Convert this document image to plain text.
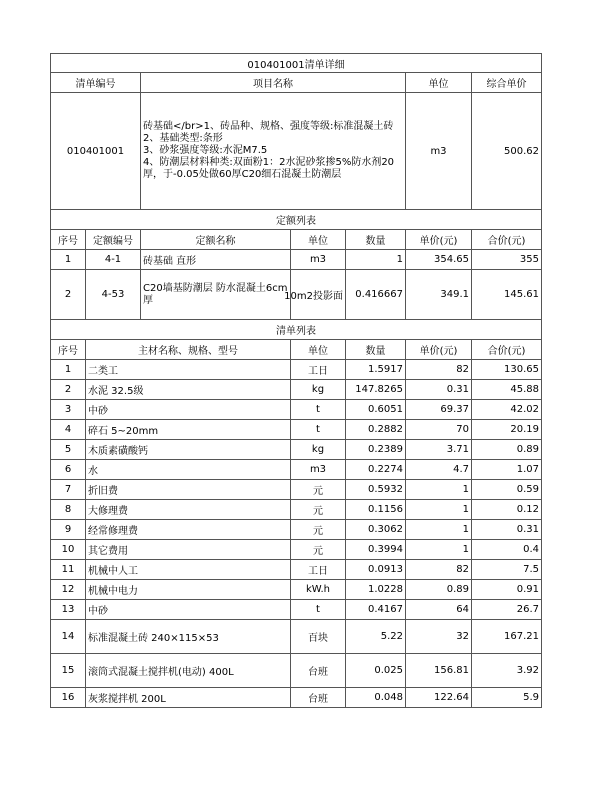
010401001清单详细						
清单编号		项目名称			单位	综合单价
010401001		砖基础</br>1、砖品种、规格、强度等级:标准混凝土砖
2、基础类型:条形
3、砂浆强度等级:水泥M7.5
4、防潮层材料种类:双面粉1：2水泥砂浆掺5%防水剂20厚，于-0.05处做60厚C20细石混凝土防潮层			m3	500.62
定额列表						
序号	定额编号	定额名称	单位	数量	单价(元)	合价(元)
1	4-1	砖基础 直形	m3	1	354.65	355
2	4-53	C20墙基防潮层 防水混凝土6cm厚	10m2投影面	0.416667	349.1	145.61
清单列表						
序号	主材名称、规格、型号		单位	数量	单价(元)	合价(元)
1	二类工		工日	1.5917	82	130.65
2	水泥 32.5级		kg	147.8265	0.31	45.88
3	中砂		t	0.6051	69.37	42.02
4	碎石 5~20mm		t	0.2882	70	20.19
5	木质素磺酸钙		kg	0.2389	3.71	0.89
6	水		m3	0.2274	4.7	1.07
7	折旧费		元	0.5932	1	0.59
8	大修理费		元	0.1156	1	0.12
9	经常修理费		元	0.3062	1	0.31
10	其它费用		元	0.3994	1	0.4
11	机械中人工		工日	0.0913	82	7.5
12	机械中电力		kW.h	1.0228	0.89	0.91
13	中砂		t	0.4167	64	26.7
14	标准混凝土砖 240×115×53		百块	5.22	32	167.21
15	滚筒式混凝土搅拌机(电动) 400L		台班	0.025	156.81	3.92
16	灰浆搅拌机 200L		台班	0.048	122.64	5.9
